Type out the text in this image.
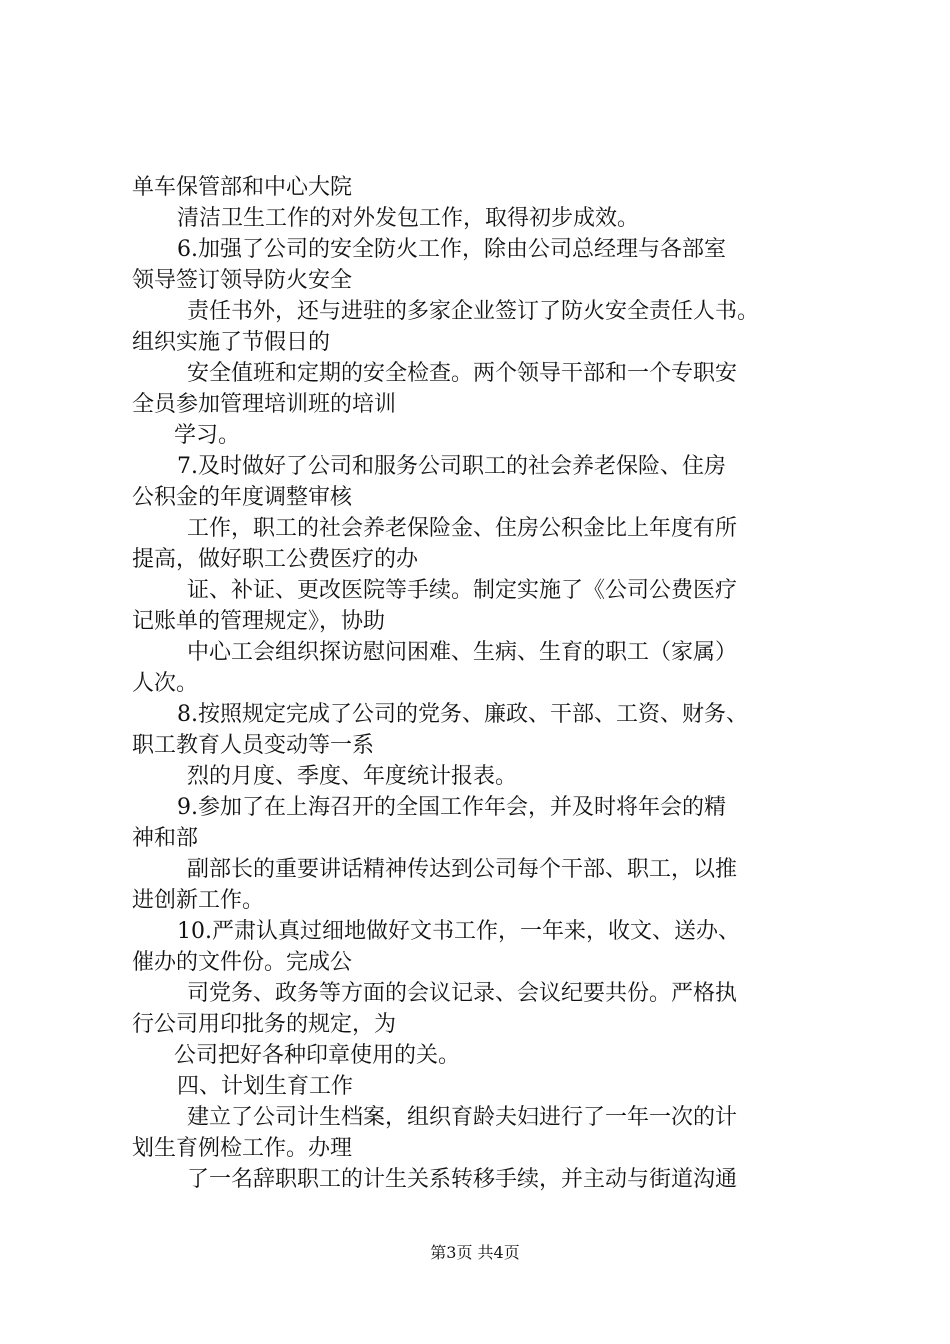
单车保管部和中心大院

清洁卫生工作的对外发包工作，取得初步成效。

6.加强了公司的安全防火工作，除由公司总经理与各部室

领导签订领导防火安全

责任书外，还与进驻的多家企业签订了防火安全责任人书。

组织实施了节假日的

安全值班和定期的安全检查。两个领导干部和一个专职安

全员参加管理培训班的培训

学习。

7.及时做好了公司和服务公司职工的社会养老保险、住房

公积金的年度调整审核

工作，职工的社会养老保险金、住房公积金比上年度有所

提高，做好职工公费医疗的办

证、补证、更改医院等手续。制定实施了《公司公费医疗

记账单的管理规定》，协助

中心工会组织探访慰问困难、生病、生育的职工（家属）

人次。

8.按照规定完成了公司的党务、廉政、干部、工资、财务、

职工教育人员变动等一系

烈的月度、季度、年度统计报表。

9.参加了在上海召开的全国工作年会，并及时将年会的精

神和部

副部长的重要讲话精神传达到公司每个干部、职工，以推

进创新工作。

10.严肃认真过细地做好文书工作，一年来，收文、送办、

催办的文件份。完成公

司党务、政务等方面的会议记录、会议纪要共份。严格执

行公司用印批务的规定，为

公司把好各种印章使用的关。

四、计划生育工作

建立了公司计生档案，组织育龄夫妇进行了一年一次的计

划生育例检工作。办理

了一名辞职职工的计生关系转移手续，并主动与街道沟通

第3页 共4页
